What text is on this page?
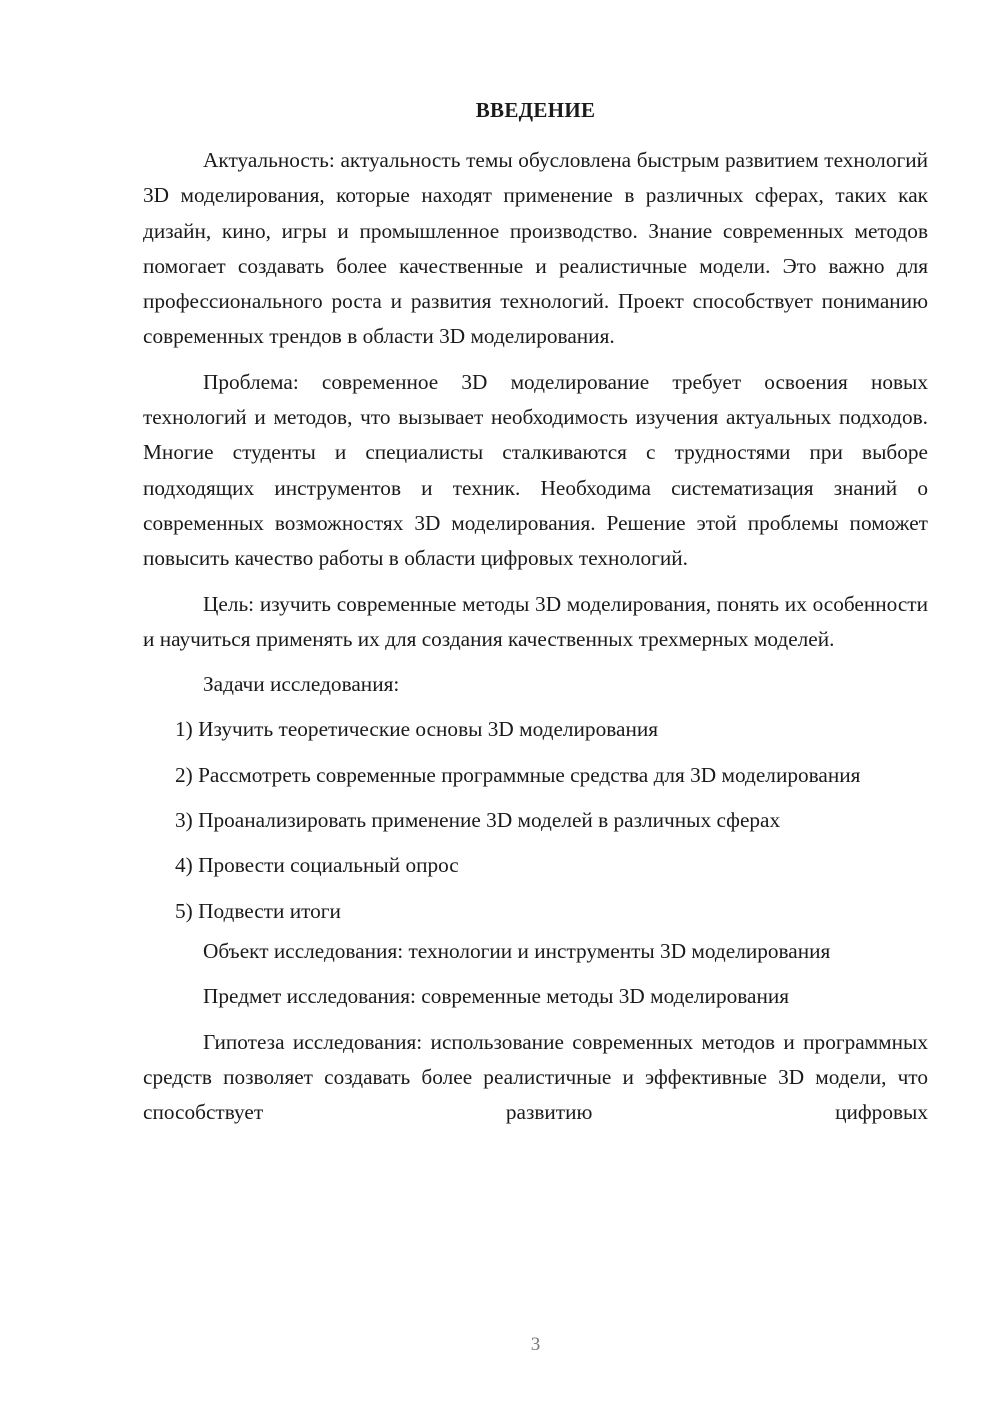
ВВЕДЕНИЕ

Актуальность: актуальность темы обусловлена быстрым развитием технологий 3D моделирования, которые находят применение в различных сферах, таких как дизайн, кино, игры и промышленное производство. Знание современных методов помогает создавать более качественные и реалистичные модели. Это важно для профессионального роста и развития технологий. Проект способствует пониманию современных трендов в области 3D моделирования.

Проблема: современное 3D моделирование требует освоения новых технологий и методов, что вызывает необходимость изучения актуальных подходов. Многие студенты и специалисты сталкиваются с трудностями при выборе подходящих инструментов и техник. Необходима систематизация знаний о современных возможностях 3D моделирования. Решение этой проблемы поможет повысить качество работы в области цифровых технологий.

Цель: изучить современные методы 3D моделирования, понять их особенности и научиться применять их для создания качественных трехмерных моделей.

Задачи исследования:

1) Изучить теоретические основы 3D моделирования

2) Рассмотреть современные программные средства для 3D моделирования

3) Проанализировать применение 3D моделей в различных сферах

4) Провести социальный опрос

5) Подвести итоги

Объект исследования: технологии и инструменты 3D моделирования

Предмет исследования: современные методы 3D моделирования

Гипотеза исследования: использование современных методов и программных средств позволяет создавать более реалистичные и эффективные 3D модели, что способствует развитию цифровых

3
